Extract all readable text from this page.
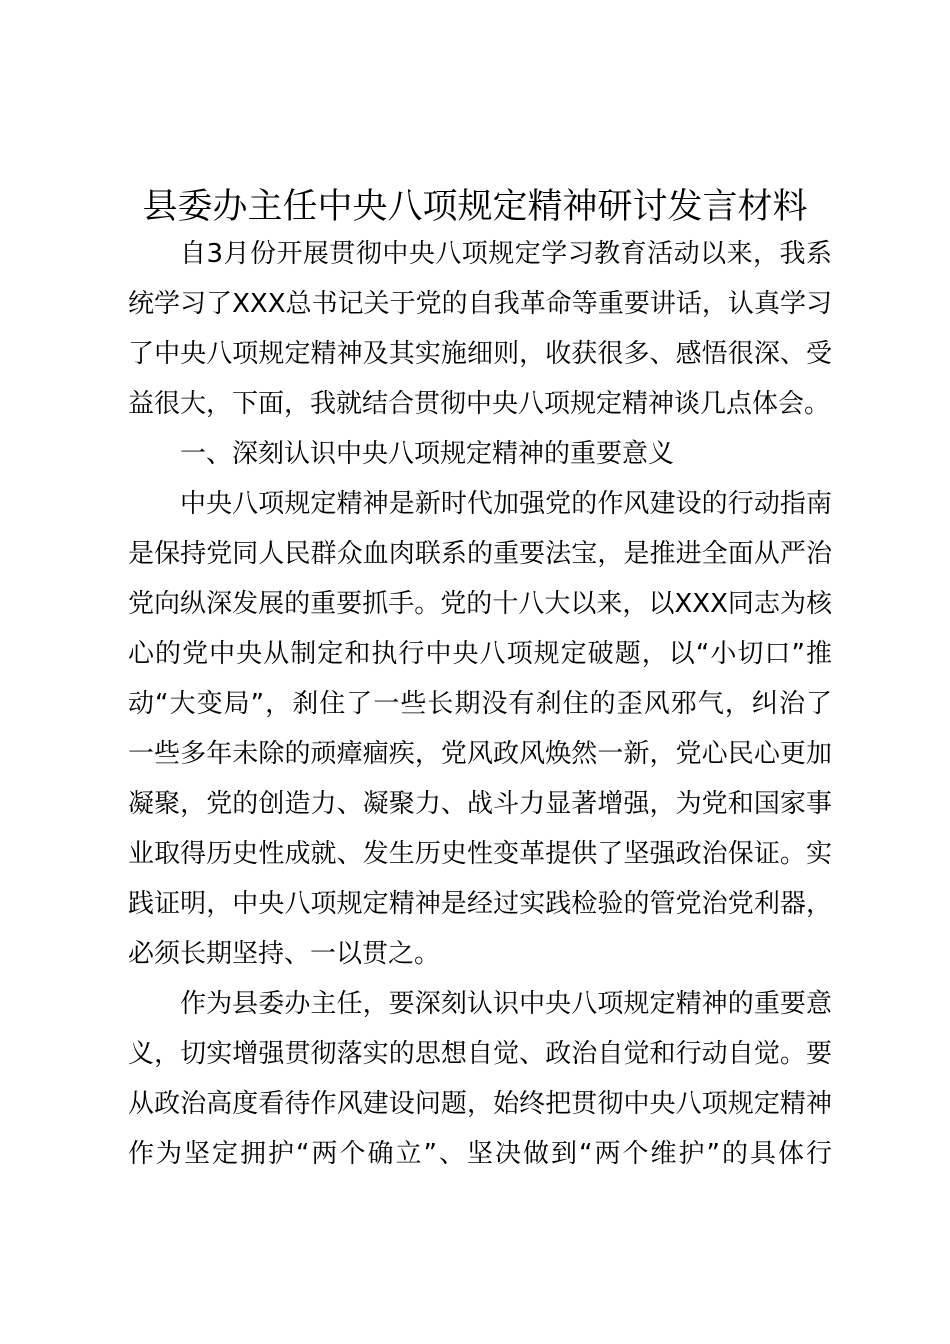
县委办主任中央八项规定精神研讨发言材料
自3月份开展贯彻中央八项规定学习教育活动以来，我系
统学习了XXX总书记关于党的自我革命等重要讲话，认真学习
了中央八项规定精神及其实施细则，收获很多、感悟很深、受
益很大，下面，我就结合贯彻中央八项规定精神谈几点体会。
一、深刻认识中央八项规定精神的重要意义
中央八项规定精神是新时代加强党的作风建设的行动指南
是保持党同人民群众血肉联系的重要法宝，是推进全面从严治
党向纵深发展的重要抓手。党的十八大以来，以XXX同志为核
心的党中央从制定和执行中央八项规定破题，以“小切口”推
动“大变局”，刹住了一些长期没有刹住的歪风邪气，纠治了
一些多年未除的顽瘴痼疾，党风政风焕然一新，党心民心更加
凝聚，党的创造力、凝聚力、战斗力显著增强，为党和国家事
业取得历史性成就、发生历史性变革提供了坚强政治保证。实
践证明，中央八项规定精神是经过实践检验的管党治党利器，
必须长期坚持、一以贯之。
作为县委办主任，要深刻认识中央八项规定精神的重要意
义，切实增强贯彻落实的思想自觉、政治自觉和行动自觉。要
从政治高度看待作风建设问题，始终把贯彻中央八项规定精神
作为坚定拥护“两个确立”、坚决做到“两个维护”的具体行
